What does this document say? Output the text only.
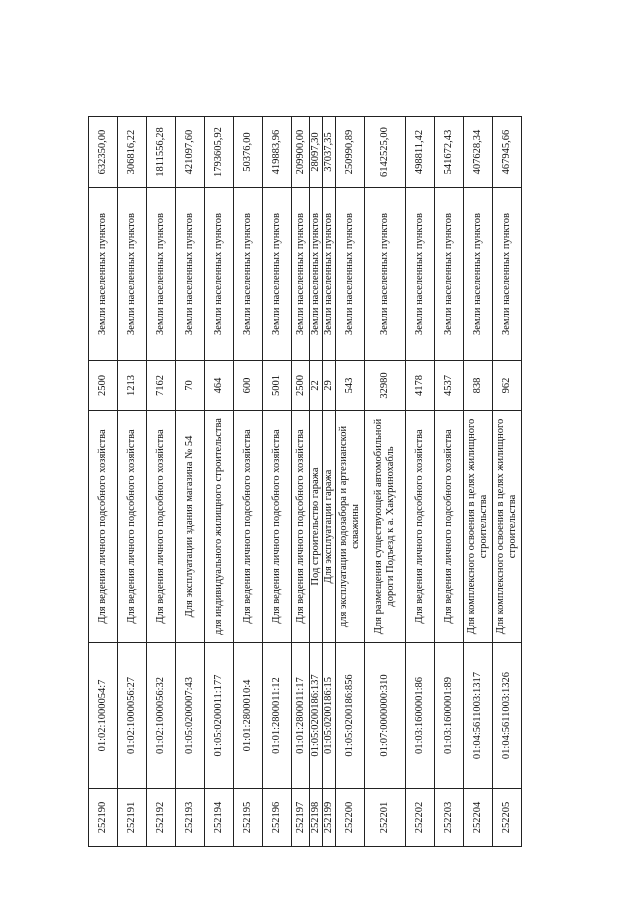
252190	01:02:1000054:7	Для ведения личного подсобного хозяйства	2500	Земли населенных пунктов	632350,00
252191	01:02:1000056:27	Для ведения личного подсобного хозяйства	1213	Земли населенных пунктов	306816,22
252192	01:02:1000056:32	Для ведения личного подсобного хозяйства	7162	Земли населенных пунктов	1811556,28
252193	01:05:0200007:43	Для эксплуатации здания магазина № 54	70	Земли населенных пунктов	421097,60
252194	01:05:0200011:177	для индивидуального жилищного строительства	464	Земли населенных пунктов	1793605,92
252195	01:01:2800010:4	Для ведения личного подсобного хозяйства	600	Земли населенных пунктов	50376,00
252196	01:01:2800011:12	Для ведения личного подсобного хозяйства	5001	Земли населенных пунктов	419883,96
252197	01:01:2800011:17	Для ведения личного подсобного хозяйства	2500	Земли населенных пунктов	209900,00
252198	01:05:0200186:137	Под строительство гаража	22	Земли населенных пунктов	28097,30
252199	01:05:0200186:15	Для эксплуатации гаража	29	Земли населенных пунктов	37037,35
252200	01:05:0200186:856	для эксплуатации водозабора и артезианской скважины	543	Земли населенных пунктов	250990,89
252201	01:07:0000000:310	Для размещения существующей автомобильной дороги Подъезд к а. Хакуринохабль	32980	Земли населенных пунктов	6142525,00
252202	01:03:1600001:86	Для ведения личного подсобного хозяйства	4178	Земли населенных пунктов	498811,42
252203	01:03:1600001:89	Для ведения личного подсобного хозяйства	4537	Земли населенных пунктов	541672,43
252204	01:04:5611003:1317	Для комплексного освоения в целях жилищного строительства	838	Земли населенных пунктов	407628,34
252205	01:04:5611003:1326	Для комплексного освоения в целях жилищного строительства	962	Земли населенных пунктов	467945,66
